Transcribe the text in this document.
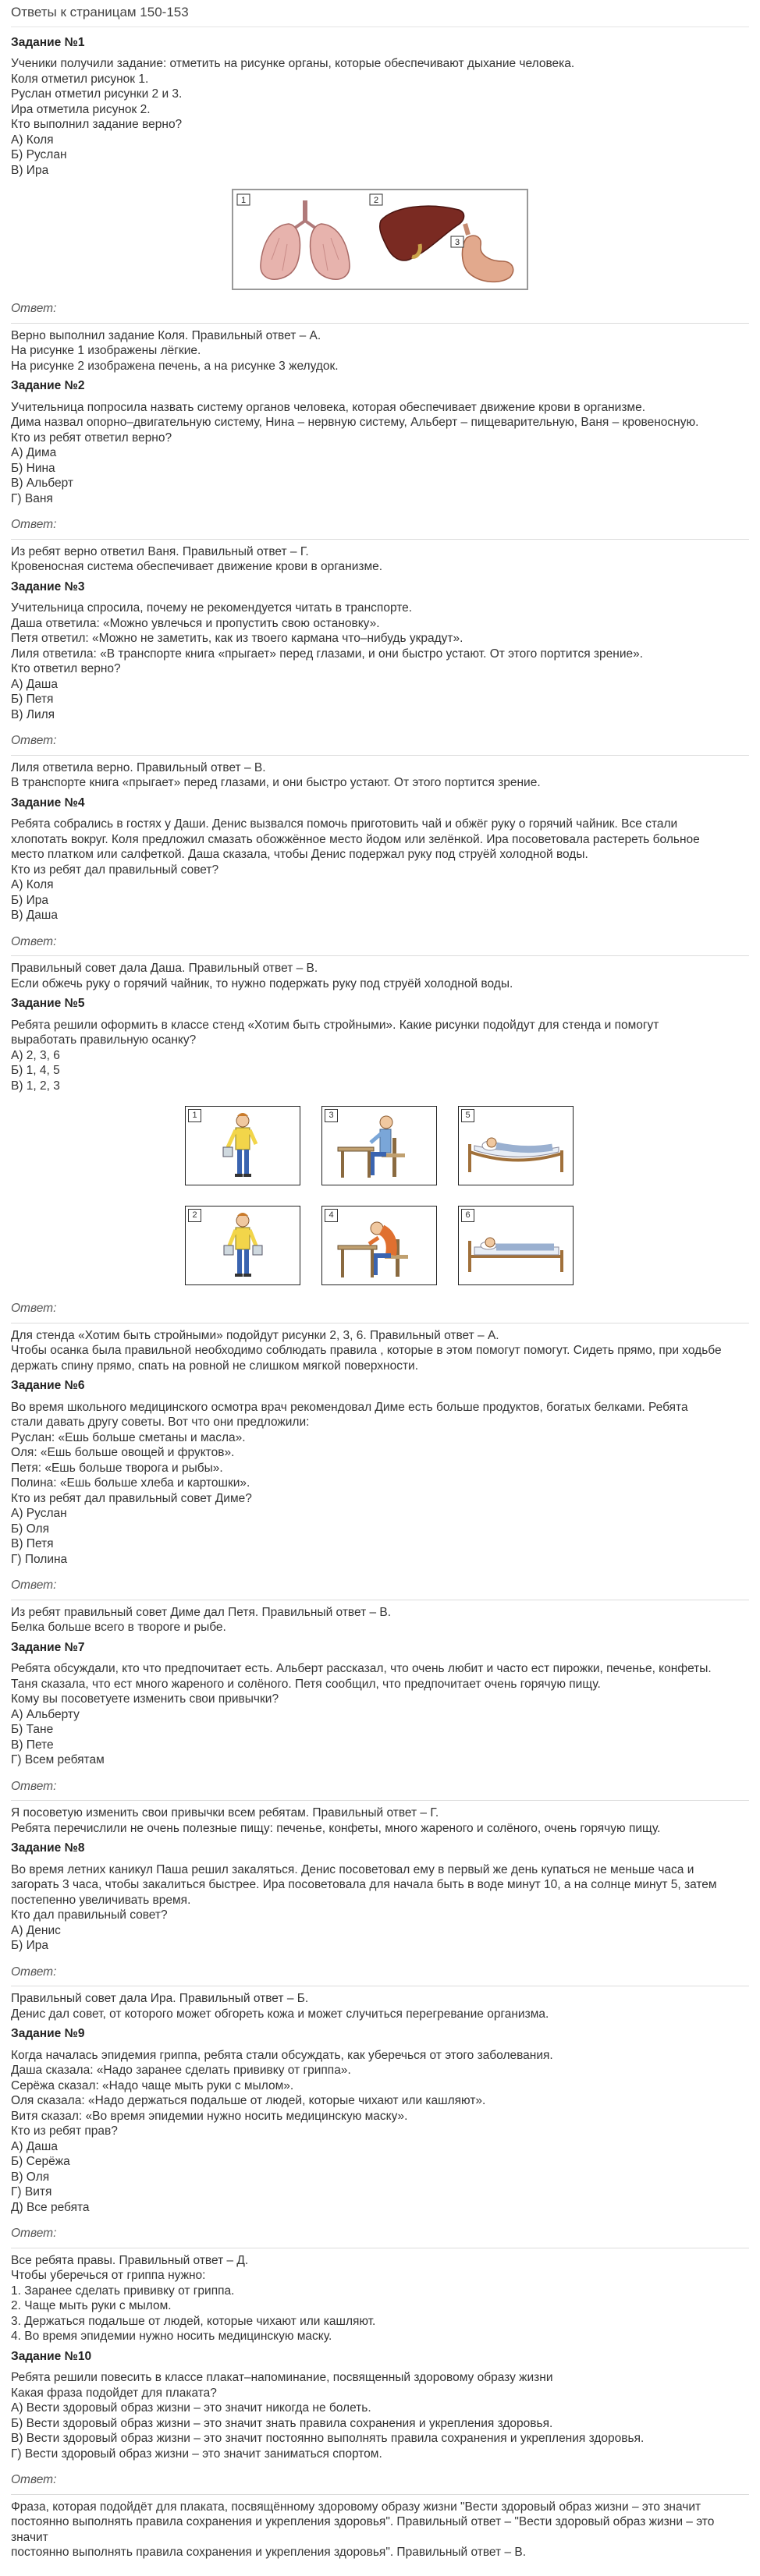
Ответы к страницам 150-153
Задание №1
Ученики получили задание: отметить на рисунке органы, которые обеспечивают дыхание человека.
Коля отметил рисунок 1.
Руслан отметил рисунки 2 и 3.
Ира отметила рисунок 2.
Кто выполнил задание верно?
А) Коля
Б) Руслан
В) Ира
1	2
3
Ответ:
Верно выполнил задание Коля. Правильный ответ – А.
На рисунке 1 изображены лёгкие.
На рисунке 2 изображена печень, а на рисунке 3 желудок.
Задание №2
Учительница попросила назвать систему органов человека, которая обеспечивает движение крови в организме.
Дима назвал опорно–двигательную систему, Нина – нервную систему, Альберт – пищеварительную, Ваня – кровеносную.
Кто из ребят ответил верно?
А) Дима
Б) Нина
В) Альберт
Г) Ваня
Ответ:
Из ребят верно ответил Ваня. Правильный ответ – Г.
Кровеносная система обеспечивает движение крови в организме.
Задание №3
Учительница спросила, почему не рекомендуется читать в транспорте.
Даша ответила: «Можно увлечься и пропустить свою остановку».
Петя ответил: «Можно не заметить, как из твоего кармана что–нибудь украдут».
Лиля ответила: «В транспорте книга «прыгает» перед глазами, и они быстро устают. От этого портится зрение».
Кто ответил верно?
А) Даша
Б) Петя
В) Лиля
Ответ:
Лиля ответила верно. Правильный ответ – В.
В транспорте книга «прыгает» перед глазами, и они быстро устают. От этого портится зрение.
Задание №4
Ребята собрались в гостях у Даши. Денис вызвался помочь приготовить чай и обжёг руку о горячий чайник. Все стали
хлопотать вокруг. Коля предложил смазать обожжённое место йодом или зелёнкой. Ира посоветовала растереть больное
место платком или салфеткой. Даша сказала, чтобы Денис подержал руку под струёй холодной воды.
Кто из ребят дал правильный совет?
А) Коля
Б) Ира
В) Даша
Ответ:
Правильный совет дала Даша. Правильный ответ – В.
Если обжечь руку о горячий чайник, то нужно подержать руку под струёй холодной воды.
Задание №5
Ребята решили оформить в классе стенд «Хотим быть стройными». Какие рисунки подойдут для стенда и помогут
выработать правильную осанку?
А) 2, 3, 6
Б) 1, 4, 5
В) 1, 2, 3
1	3	5
2	4	6
Ответ:
Для стенда «Хотим быть стройными» подойдут рисунки 2, 3, 6. Правильный ответ – А.
Чтобы осанка была правильной необходимо соблюдать правила , которые в этом помогут помогут. Сидеть прямо, при ходьбе
держать спину прямо, спать на ровной не слишком мягкой поверхности.
Задание №6
Во время школьного медицинского осмотра врач рекомендовал Диме есть больше продуктов, богатых белками. Ребята
стали давать другу советы. Вот что они предложили:
Руслан: «Ешь больше сметаны и масла».
Оля: «Ешь больше овощей и фруктов».
Петя: «Ешь больше творога и рыбы».
Полина: «Ешь больше хлеба и картошки».
Кто из ребят дал правильный совет Диме?
А) Руслан
Б) Оля
В) Петя
Г) Полина
Ответ:
Из ребят правильный совет Диме дал Петя. Правильный ответ – В.
Белка больше всего в твороге и рыбе.
Задание №7
Ребята обсуждали, кто что предпочитает есть. Альберт рассказал, что очень любит и часто ест пирожки, печенье, конфеты.
Таня сказала, что ест много жареного и солёного. Петя сообщил, что предпочитает очень горячую пищу.
Кому вы посоветуете изменить свои привычки?
А) Альберту
Б) Тане
В) Пете
Г) Всем ребятам
Ответ:
Я посоветую изменить свои привычки всем ребятам. Правильный ответ – Г.
Ребята перечислили не очень полезные пищу: печенье, конфеты, много жареного и солёного, очень горячую пищу.
Задание №8
Во время летних каникул Паша решил закаляться. Денис посоветовал ему в первый же день купаться не меньше часа и
загорать 3 часа, чтобы закалиться быстрее. Ира посоветовала для начала быть в воде минут 10, а на солнце минут 5, затем
постепенно увеличивать время.
Кто дал правильный совет?
А) Денис
Б) Ира
Ответ:
Правильный совет дала Ира. Правильный ответ – Б.
Денис дал совет, от которого может обгореть кожа и может случиться перегревание организма.
Задание №9
Когда началась эпидемия гриппа, ребята стали обсуждать, как уберечься от этого заболевания.
Даша сказала: «Надо заранее сделать прививку от гриппа».
Серёжа сказал: «Надо чаще мыть руки с мылом».
Оля сказала: «Надо держаться подальше от людей, которые чихают или кашляют».
Витя сказал: «Во время эпидемии нужно носить медицинскую маску».
Кто из ребят прав?
А) Даша
Б) Серёжа
В) Оля
Г) Витя
Д) Все ребята
Ответ:
Все ребята правы. Правильный ответ – Д.
Чтобы уберечься от гриппа нужно:
1. Заранее сделать прививку от гриппа.
2. Чаще мыть руки с мылом.
3. Держаться подальше от людей, которые чихают или кашляют.
4. Во время эпидемии нужно носить медицинскую маску.
Задание №10
Ребята решили повесить в классе плакат–напоминание, посвященный здоровому образу жизни
Какая фраза подойдет для плаката?
А) Вести здоровый образ жизни – это значит никогда не болеть.
Б) Вести здоровый образ жизни – это значит знать правила сохранения и укрепления здоровья.
В) Вести здоровый образ жизни – это значит постоянно выполнять правила сохранения и укрепления здоровья.
Г) Вести здоровый образ жизни – это значит заниматься спортом.
Ответ:
Фраза, которая подойдёт для плаката, посвящённому здоровому образу жизни "Вести здоровый образ жизни – это значит
постоянно выполнять правила сохранения и укрепления здоровья". Правильный ответ – "Вести здоровый образ жизни – это значит
постоянно выполнять правила сохранения и укрепления здоровья". Правильный ответ – В.
